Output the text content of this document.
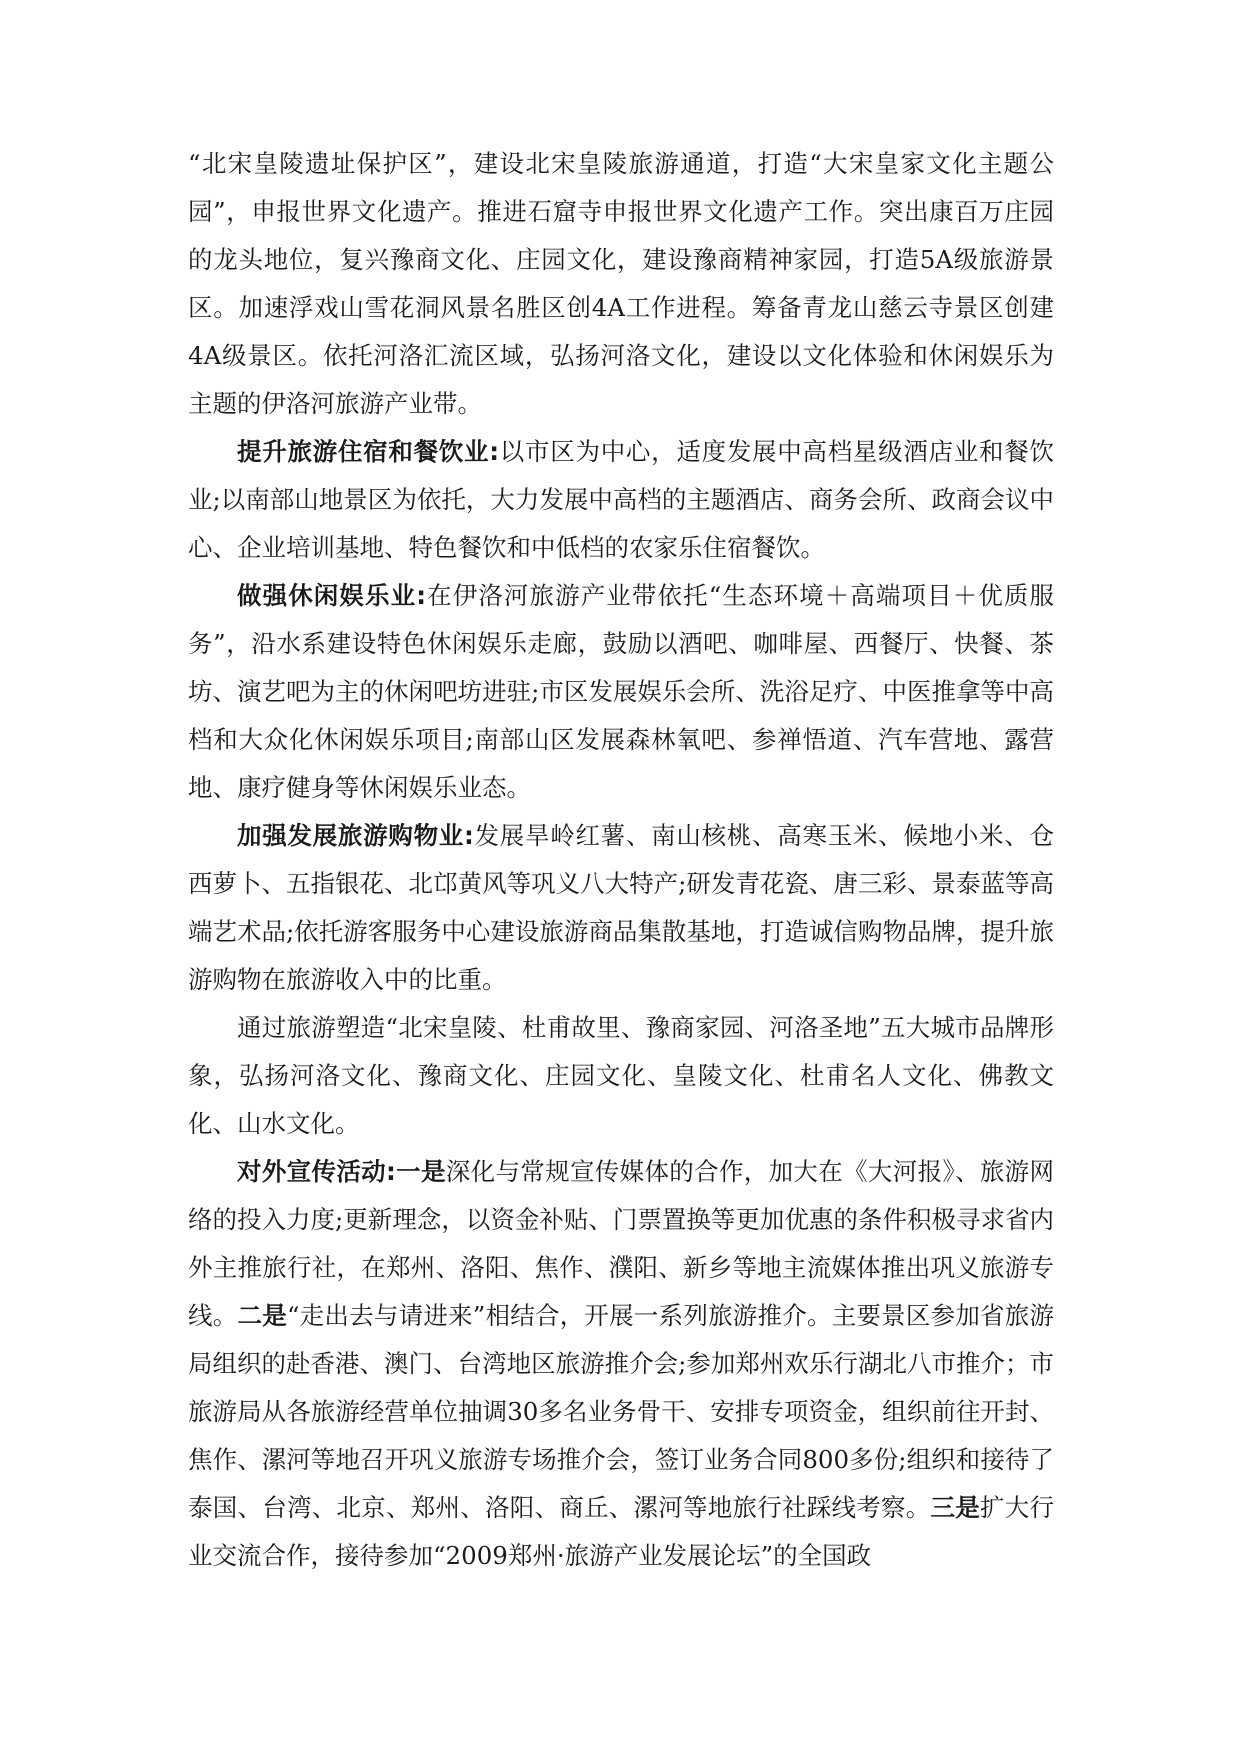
“北宋皇陵遗址保护区”，建设北宋皇陵旅游通道，打造“大宋皇家文化主题公园”，申报世界文化遗产。推进石窟寺申报世界文化遗产工作。突出康百万庄园的龙头地位，复兴豫商文化、庄园文化，建设豫商精神家园，打造5A级旅游景区。加速浮戏山雪花洞风景名胜区创4A工作进程。筹备青龙山慈云寺景区创建4A级景区。依托河洛汇流区域，弘扬河洛文化，建设以文化体验和休闲娱乐为主题的伊洛河旅游产业带。

提升旅游住宿和餐饮业:以市区为中心，适度发展中高档星级酒店业和餐饮业;以南部山地景区为依托，大力发展中高档的主题酒店、商务会所、政商会议中心、企业培训基地、特色餐饮和中低档的农家乐住宿餐饮。

做强休闲娱乐业:在伊洛河旅游产业带依托“生态环境＋高端项目＋优质服务”，沿水系建设特色休闲娱乐走廊，鼓励以酒吧、咖啡屋、西餐厅、快餐、茶坊、演艺吧为主的休闲吧坊进驻;市区发展娱乐会所、洗浴足疗、中医推拿等中高档和大众化休闲娱乐项目;南部山区发展森林氧吧、参禅悟道、汽车营地、露营地、康疗健身等休闲娱乐业态。

加强发展旅游购物业:发展旱岭红薯、南山核桃、高寒玉米、候地小米、仓西萝卜、五指银花、北邙黄风等巩义八大特产;研发青花瓷、唐三彩、景泰蓝等高端艺术品;依托游客服务中心建设旅游商品集散基地，打造诚信购物品牌，提升旅游购物在旅游收入中的比重。

通过旅游塑造“北宋皇陵、杜甫故里、豫商家园、河洛圣地”五大城市品牌形象，弘扬河洛文化、豫商文化、庄园文化、皇陵文化、杜甫名人文化、佛教文化、山水文化。

对外宣传活动:一是深化与常规宣传媒体的合作，加大在《大河报》、旅游网络的投入力度;更新理念，以资金补贴、门票置换等更加优惠的条件积极寻求省内外主推旅行社，在郑州、洛阳、焦作、濮阳、新乡等地主流媒体推出巩义旅游专线。二是“走出去与请进来”相结合，开展一系列旅游推介。主要景区参加省旅游局组织的赴香港、澳门、台湾地区旅游推介会;参加郑州欢乐行湖北八市推介；市旅游局从各旅游经营单位抽调30多名业务骨干、安排专项资金，组织前往开封、焦作、漯河等地召开巩义旅游专场推介会，签订业务合同800多份;组织和接待了泰国、台湾、北京、郑州、洛阳、商丘、漯河等地旅行社踩线考察。三是扩大行业交流合作，接待参加“2009郑州·旅游产业发展论坛”的全国政
